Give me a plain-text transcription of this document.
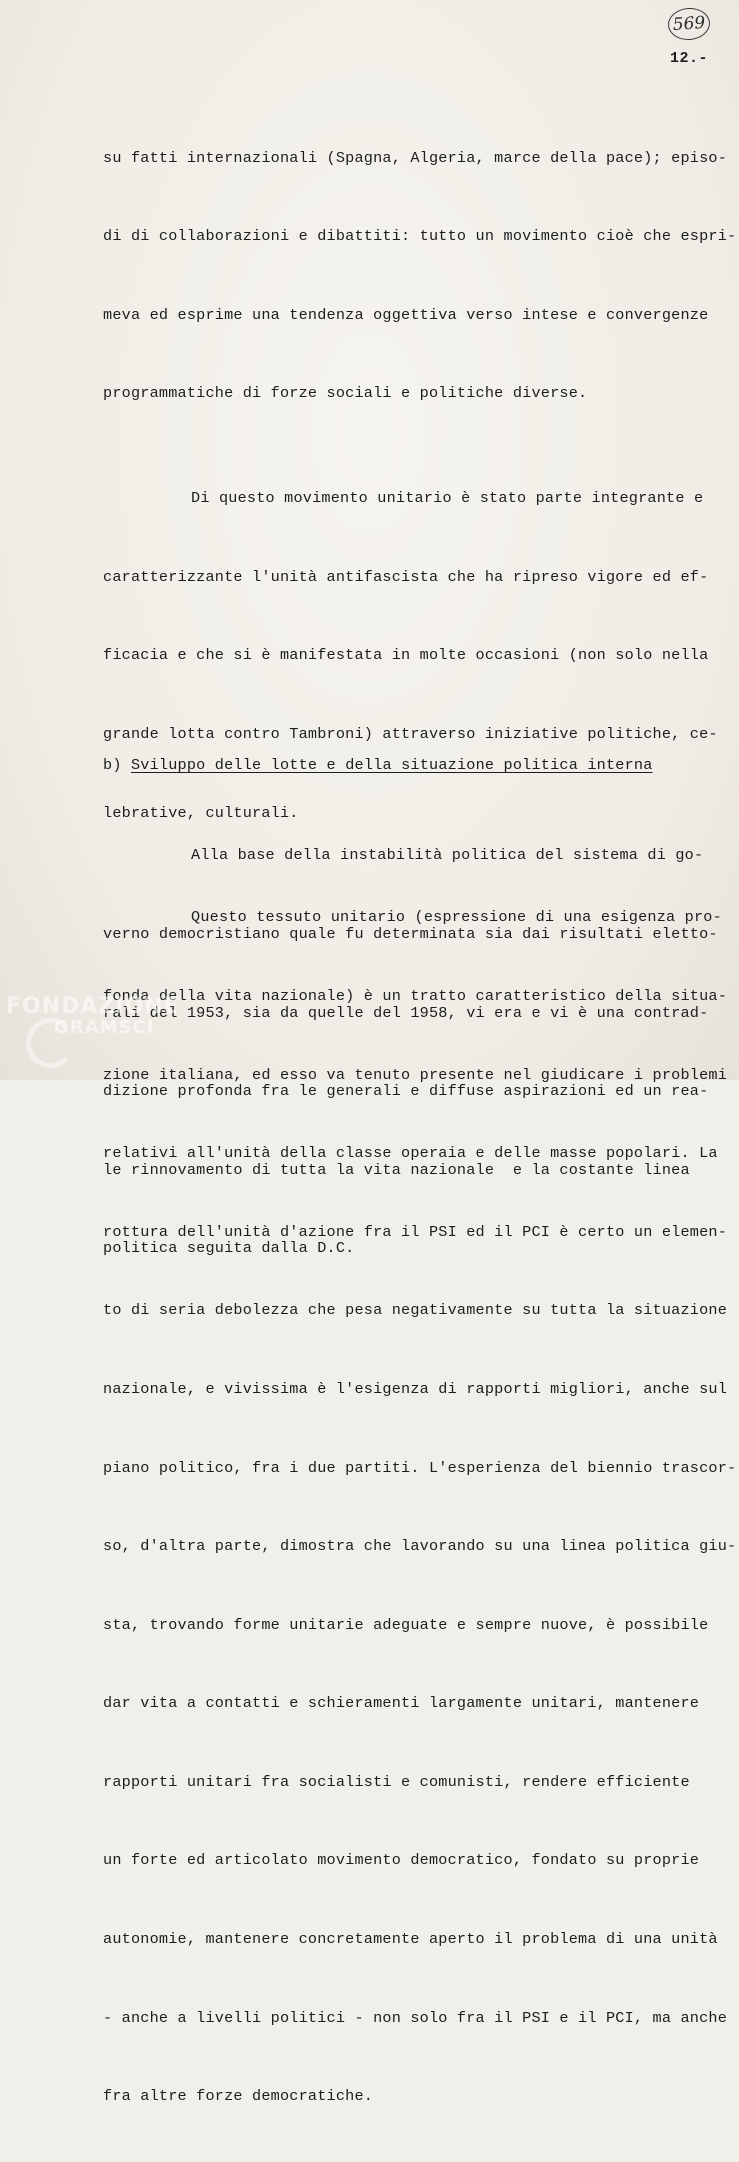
569
12.-

su fatti internazionali (Spagna, Algeria, marce della pace); episo-

di di collaborazioni e dibattiti: tutto un movimento cioè che espri-

meva ed esprime una tendenza oggettiva verso intese e convergenze

programmatiche di forze sociali e politiche diverse.

Di questo movimento unitario è stato parte integrante e

caratterizzante l'unità antifascista che ha ripreso vigore ed ef-

ficacia e che si è manifestata in molte occasioni (non solo nella

grande lotta contro Tambroni) attraverso iniziative politiche, ce-

lebrative, culturali.

Questo tessuto unitario (espressione di una esigenza pro-

fonda della vita nazionale) è un tratto caratteristico della situa-

zione italiana, ed esso va tenuto presente nel giudicare i problemi

relativi all'unità della classe operaia e delle masse popolari. La

rottura dell'unità d'azione fra il PSI ed il PCI è certo un elemen-

to di seria debolezza che pesa negativamente su tutta la situazione

nazionale, e vivissima è l'esigenza di rapporti migliori, anche sul

piano politico, fra i due partiti. L'esperienza del biennio trascor-

so, d'altra parte, dimostra che lavorando su una linea politica giu-

sta, trovando forme unitarie adeguate e sempre nuove, è possibile

dar vita a contatti e schieramenti largamente unitari, mantenere

rapporti unitari fra socialisti e comunisti, rendere efficiente

un forte ed articolato movimento democratico, fondato su proprie

autonomie, mantenere concretamente aperto il problema di una unità

- anche a livelli politici - non solo fra il PSI e il PCI, ma anche

fra altre forze democratiche.

b) Sviluppo delle lotte e della situazione politica interna

Alla base della instabilità politica del sistema di go-

verno democristiano quale fu determinata sia dai risultati eletto-

rali del 1953, sia da quelle del 1958, vi era e vi è una contrad-

dizione profonda fra le generali e diffuse aspirazioni ed un rea-

le rinnovamento di tutta la vita nazionale  e la costante linea

politica seguita dalla D.C.

FONDAZIONE
GRAMSCI
